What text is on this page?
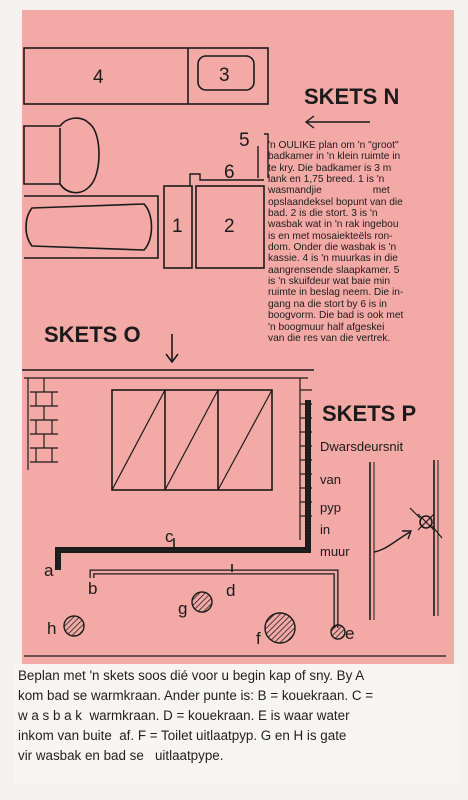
SKETS N
4	3
5
6
1 2
SKETS O
a
b
c
d
g
h
f	e
SKETS P
Dwarsdeursnit
van
pyp
in
muur
'n OULIKE plan om 'n "groot"
badkamer in 'n klein ruimte in
te kry. Die badkamer is 3 m
lank en 1,75 breed. 1 is 'n
wasmandjie                  met
opslaandeksel bopunt van die
bad. 2 is die stort. 3 is 'n
wasbak wat in 'n rak ingebou
is en met mosaiekteëls ron-
dom. Onder die wasbak is 'n
kassie. 4 is 'n muurkas in die
aangrensende slaapkamer. 5
is 'n skuifdeur wat baie min
ruimte in beslag neem. Die in-
gang na die stort by 6 is in
boogvorm. Die bad is ook met
'n boogmuur half afgeskei
van die res van die vertrek.

Beplan met 'n skets soos dié voor u begin kap of sny. By A

kom bad se warmkraan. Ander punte is: B = kouekraan. C =

w a s b a k  warmkraan. D = kouekraan. E is waar water

inkom van buite  af. F = Toilet uitlaatpyp. G en H is gate

vir wasbak en bad se   uitlaatpype.
